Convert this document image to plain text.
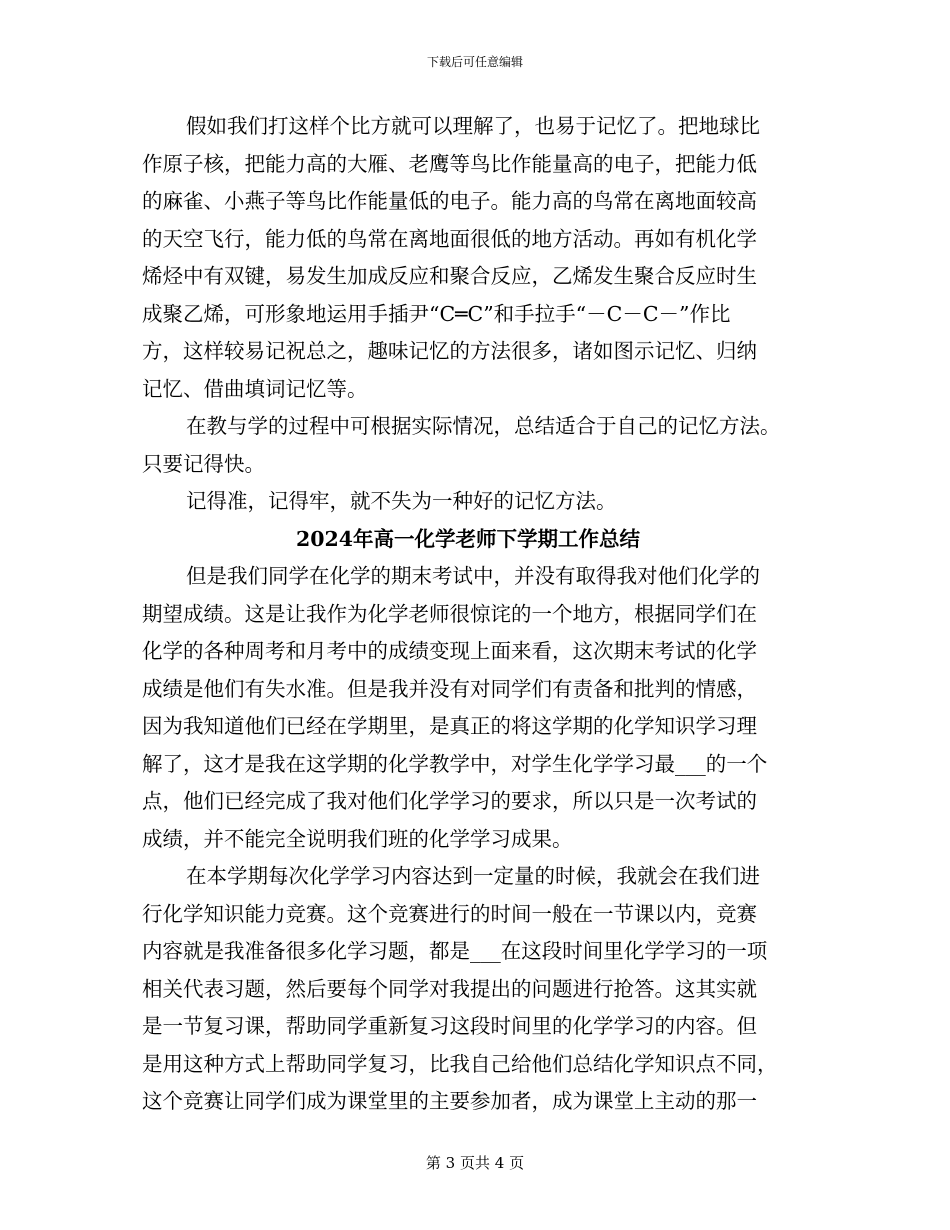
下载后可任意编辑
假如我们打这样个比方就可以理解了，也易于记忆了。把地球比
作原子核，把能力高的大雁、老鹰等鸟比作能量高的电子，把能力低
的麻雀、小燕子等鸟比作能量低的电子。能力高的鸟常在离地面较高
的天空飞行，能力低的鸟常在离地面很低的地方活动。再如有机化学
烯烃中有双键，易发生加成反应和聚合反应，乙烯发生聚合反应时生
成聚乙烯，可形象地运用手插尹“C═C”和手拉手“－C－C－”作比
方，这样较易记祝总之，趣味记忆的方法很多，诸如图示记忆、归纳
记忆、借曲填词记忆等。
在教与学的过程中可根据实际情况，总结适合于自己的记忆方法。
只要记得快。
记得准，记得牢，就不失为一种好的记忆方法。
2024年高一化学老师下学期工作总结
但是我们同学在化学的期末考试中，并没有取得我对他们化学的
期望成绩。这是让我作为化学老师很惊诧的一个地方，根据同学们在
化学的各种周考和月考中的成绩变现上面来看，这次期末考试的化学
成绩是他们有失水准。但是我并没有对同学们有责备和批判的情感，
因为我知道他们已经在学期里，是真正的将这学期的化学知识学习理
解了，这才是我在这学期的化学教学中，对学生化学学习最___的一个
点，他们已经完成了我对他们化学学习的要求，所以只是一次考试的
成绩，并不能完全说明我们班的化学学习成果。
在本学期每次化学学习内容达到一定量的时候，我就会在我们进
行化学知识能力竞赛。这个竞赛进行的时间一般在一节课以内，竞赛
内容就是我准备很多化学习题，都是___在这段时间里化学学习的一项
相关代表习题，然后要每个同学对我提出的问题进行抢答。这其实就
是一节复习课，帮助同学重新复习这段时间里的化学学习的内容。但
是用这种方式上帮助同学复习，比我自己给他们总结化学知识点不同，
这个竞赛让同学们成为课堂里的主要参加者，成为课堂上主动的那一
第 3 页共 4 页
